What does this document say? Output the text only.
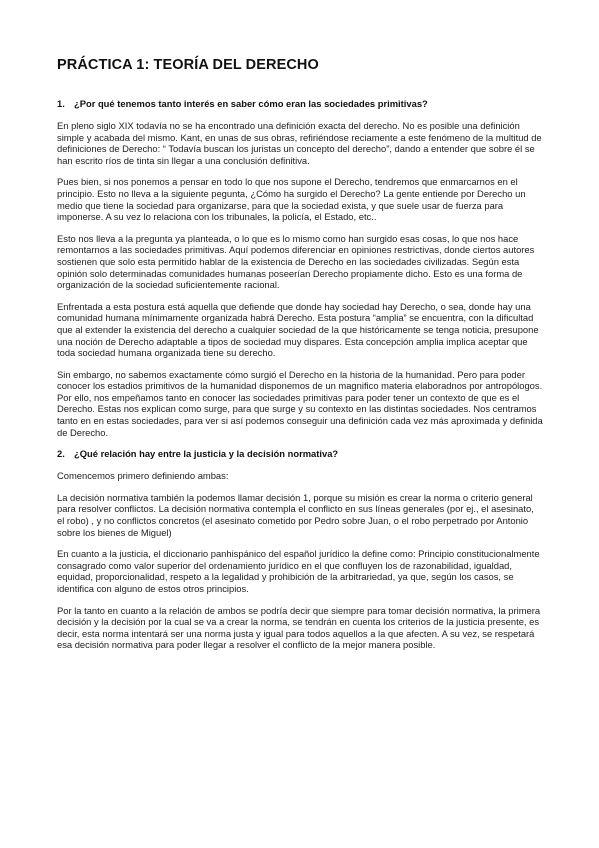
PRÁCTICA 1: TEORÍA DEL DERECHO
1. ¿Por qué tenemos tanto interés en saber cómo eran las sociedades primitivas?

En pleno siglo XIX todavía no se ha encontrado una definición exacta del derecho. No es posible una definición simple y acabada del mismo. Kant, en unas de sus obras, refiriéndose reciamente a este fenómeno de la multitud de definiciones de Derecho: “ Todavía buscan los juristas un concepto del derecho”, dando a entender que sobre él se han escrito ríos de tinta sin llegar a una conclusión definitiva.

Pues bien, si nos ponemos a pensar en todo lo que nos supone el Derecho, tendremos que enmarcarnos en el principio. Esto no lleva a la siguiente pegunta, ¿Cómo ha surgido el Derecho? La gente entiende por Derecho un medio que tiene la sociedad para organizarse, para que la sociedad exista, y que suele usar de fuerza para imponerse. A su vez lo relaciona con los tribunales, la policía, el Estado, etc..

Esto nos lleva a la pregunta ya planteada, o lo que es lo mismo como han surgido esas cosas, lo que nos hace remontarnos a las sociedades primitivas. Aquí podemos diferenciar en opiniones restrictivas, donde ciertos autores sostienen que solo esta permitido hablar de la existencia de Derecho en las sociedades civilizadas. Según esta opinión solo determinadas comunidades humanas poseerían Derecho propiamente dicho. Esto es una forma de organización de la sociedad suficientemente racional.

Enfrentada a esta postura está aquella que defiende que donde hay sociedad hay Derecho, o sea, donde hay una comunidad humana mínimamente organizada habrá Derecho. Esta postura “amplia” se encuentra, con la dificultad que al extender la existencia del derecho a cualquier sociedad de la que históricamente se tenga noticia, presupone una noción de Derecho adaptable a tipos de sociedad muy dispares. Esta concepción amplia implica aceptar que toda sociedad humana organizada tiene su derecho.

Sin embargo, no sabemos exactamente cómo surgió el Derecho en la historia de la humanidad. Pero para poder conocer los estadios primitivos de la humanidad disponemos de un magnifico materia elaboradnos por antropólogos. Por ello, nos empeñamos tanto en conocer las sociedades primitivas para poder tener un contexto de que es el Derecho. Estas nos explican como surge, para que surge y su contexto en las distintas sociedades. Nos centramos tanto en en estas sociedades, para ver si así podemos conseguir una definición cada vez más aproximada y definida de Derecho.

2. ¿Qué relación hay entre la justicia y la decisión normativa?

Comencemos primero definiendo ambas:

La decisión normativa también la podemos llamar decisión 1, porque su misión es crear la norma o criterio general para resolver conflictos. La decisión normativa contempla el conflicto en sus líneas generales (por ej., el asesinato, el robo) , y no conflictos concretos (el asesinato cometido por Pedro sobre Juan, o el robo perpetrado por Antonio sobre los bienes de Miguel)

En cuanto a la justicia, el diccionario panhispánico del español jurídico la define como: Principio constitucionalmente consagrado como valor superior del ordenamiento jurídico en el que confluyen los de razonabilidad, igualdad, equidad, proporcionalidad, respeto a la legalidad y prohibición de la arbitrariedad, ya que, según los casos, se identifica con alguno de estos otros principios.

Por la tanto en cuanto a la relación de ambos se podría decir que siempre para tomar decisión normativa, la primera decisión y la decisión por la cual se va a crear la norma, se tendrán en cuenta los criterios de la justicia presente, es decir, esta norma intentará ser una norma justa y igual para todos aquellos a la que afecten. A su vez, se respetará esa decisión normativa para poder llegar a resolver el conflicto de la mejor manera posible.
